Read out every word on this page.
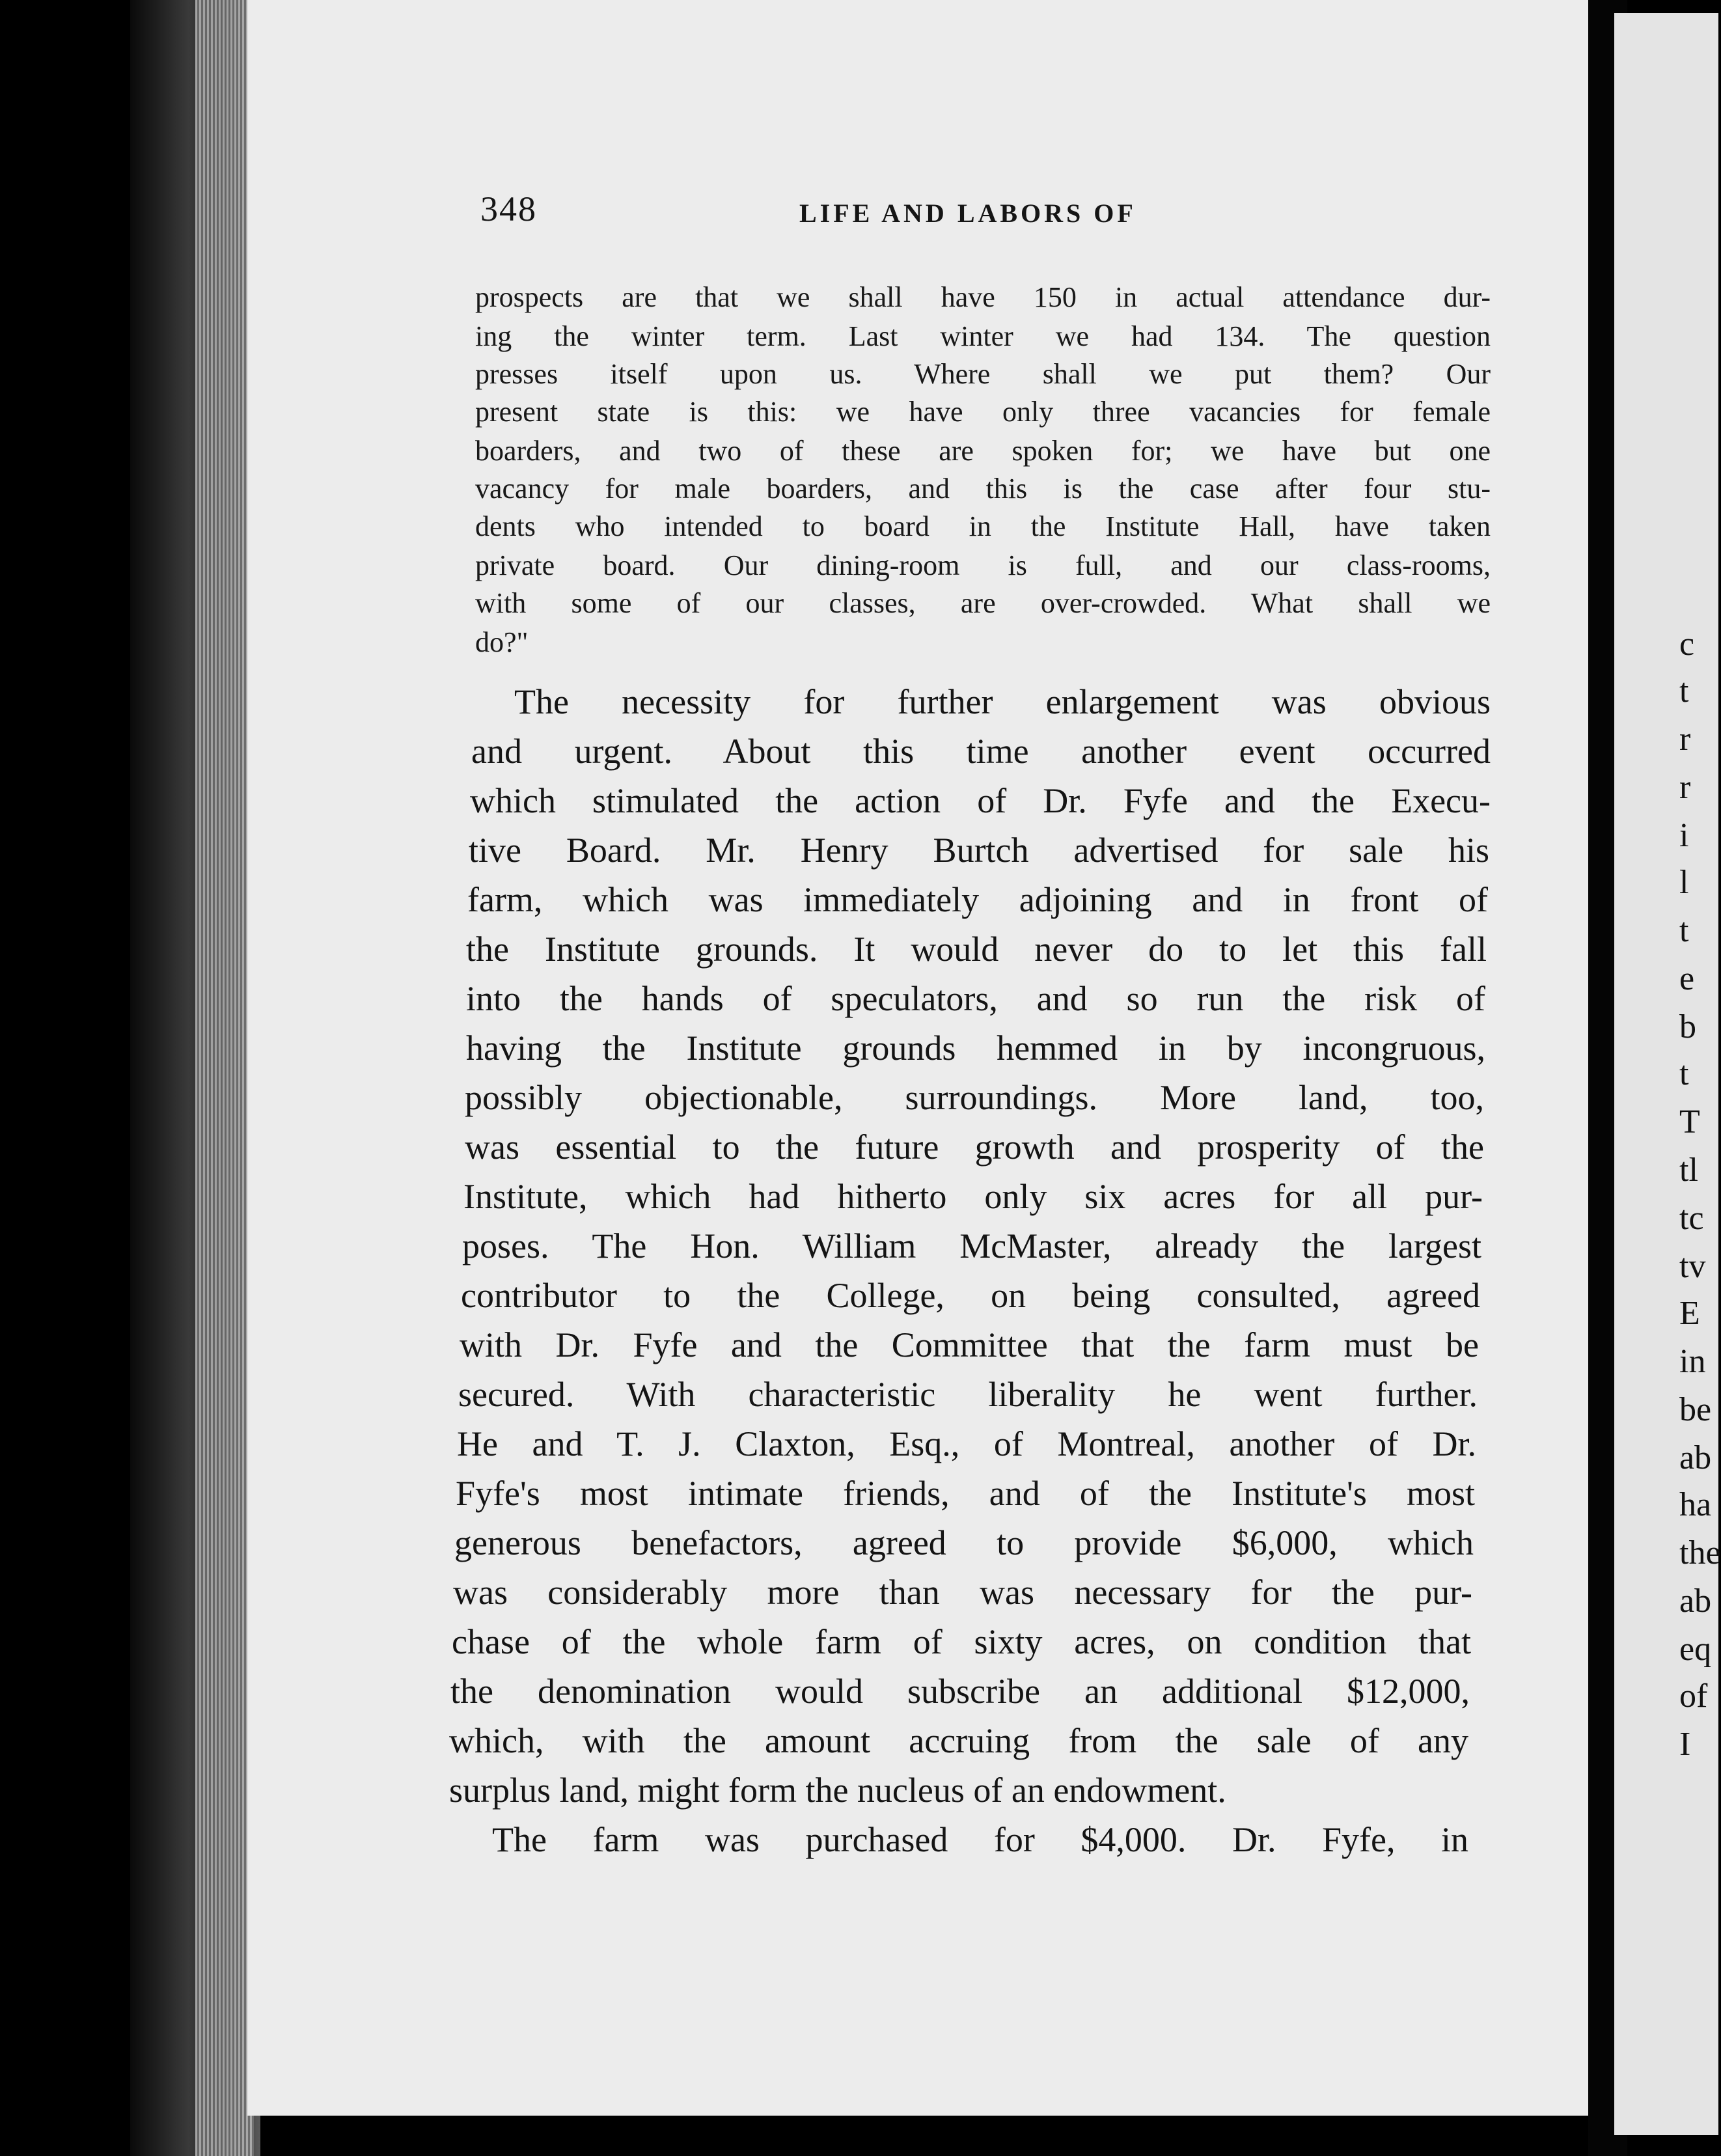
c
t
r
r
i
l
t
e
b
t
T
tl
tc
tv
E
in
be
ab
ha
the
ab
eq
of
I
348	LIFE AND LABORS OF
prospects are that we shall have 150 in actual attendance dur-
ing the winter term. Last winter we had 134. The question
presses itself upon us. Where shall we put them? Our
present state is this: we have only three vacancies for female
boarders, and two of these are spoken for; we have but one
vacancy for male boarders, and this is the case after four stu-
dents who intended to board in the Institute Hall, have taken
private board. Our dining-room is full, and our class-rooms,
with some of our classes, are over-crowded. What shall we
do?"
The necessity for further enlargement was obvious
and urgent. About this time another event occurred
which stimulated the action of Dr. Fyfe and the Execu-
tive Board. Mr. Henry Burtch advertised for sale his
farm, which was immediately adjoining and in front of
the Institute grounds. It would never do to let this fall
into the hands of speculators, and so run the risk of
having the Institute grounds hemmed in by incongruous,
possibly objectionable, surroundings. More land, too,
was essential to the future growth and prosperity of the
Institute, which had hitherto only six acres for all pur-
poses. The Hon. William McMaster, already the largest
contributor to the College, on being consulted, agreed
with Dr. Fyfe and the Committee that the farm must be
secured. With characteristic liberality he went further.
He and T. J. Claxton, Esq., of Montreal, another of Dr.
Fyfe's most intimate friends, and of the Institute's most
generous benefactors, agreed to provide $6,000, which
was considerably more than was necessary for the pur-
chase of the whole farm of sixty acres, on condition that
the denomination would subscribe an additional $12,000,
which, with the amount accruing from the sale of any
surplus land, might form the nucleus of an endowment.
The farm was purchased for $4,000. Dr. Fyfe, in
